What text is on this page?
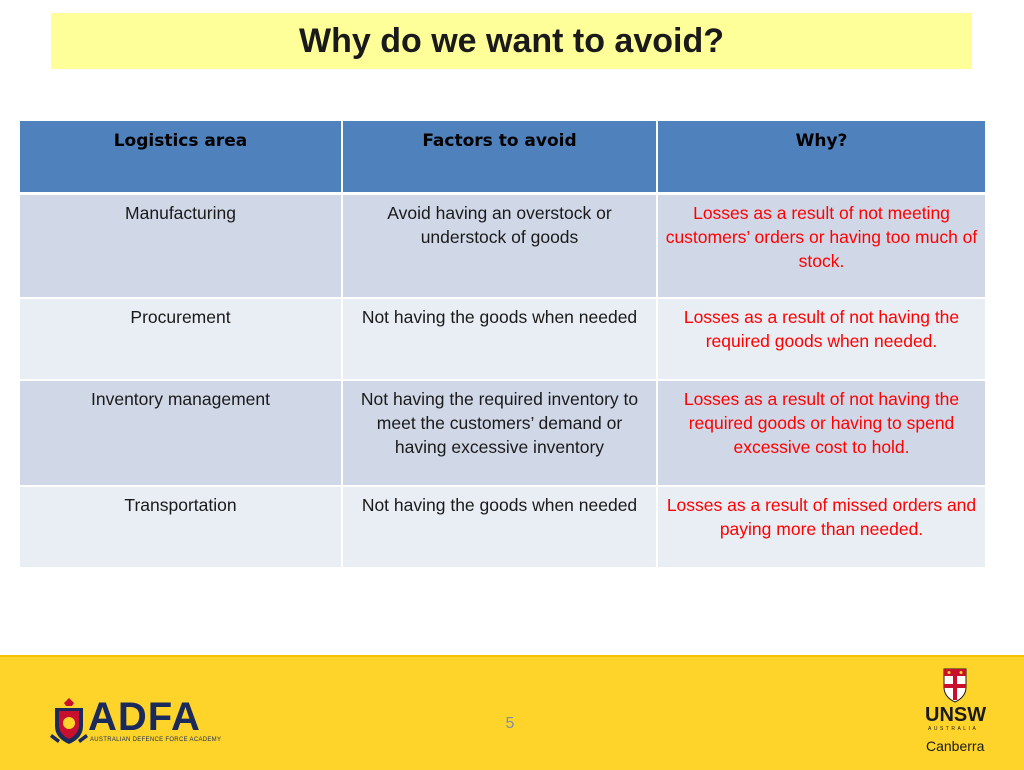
Why do we want to avoid?
Logistics area	Factors to avoid	Why?
Manufacturing	Avoid having an overstock or understock of goods	Losses as a result of not meeting customers’ orders or having too much of stock.
Procurement	Not having the goods when needed	Losses as a result of not having the required goods when needed.
Inventory management	Not having the required inventory to meet the customers’ demand or having excessive inventory	Losses as a result of not having the required goods or having to spend excessive cost to hold.
Transportation	Not having the goods when needed	Losses as a result of missed orders and paying more than needed.
ADFA
AUSTRALIAN DEFENCE FORCE ACADEMY
5	UNSW
AUSTRALIA
Canberra
